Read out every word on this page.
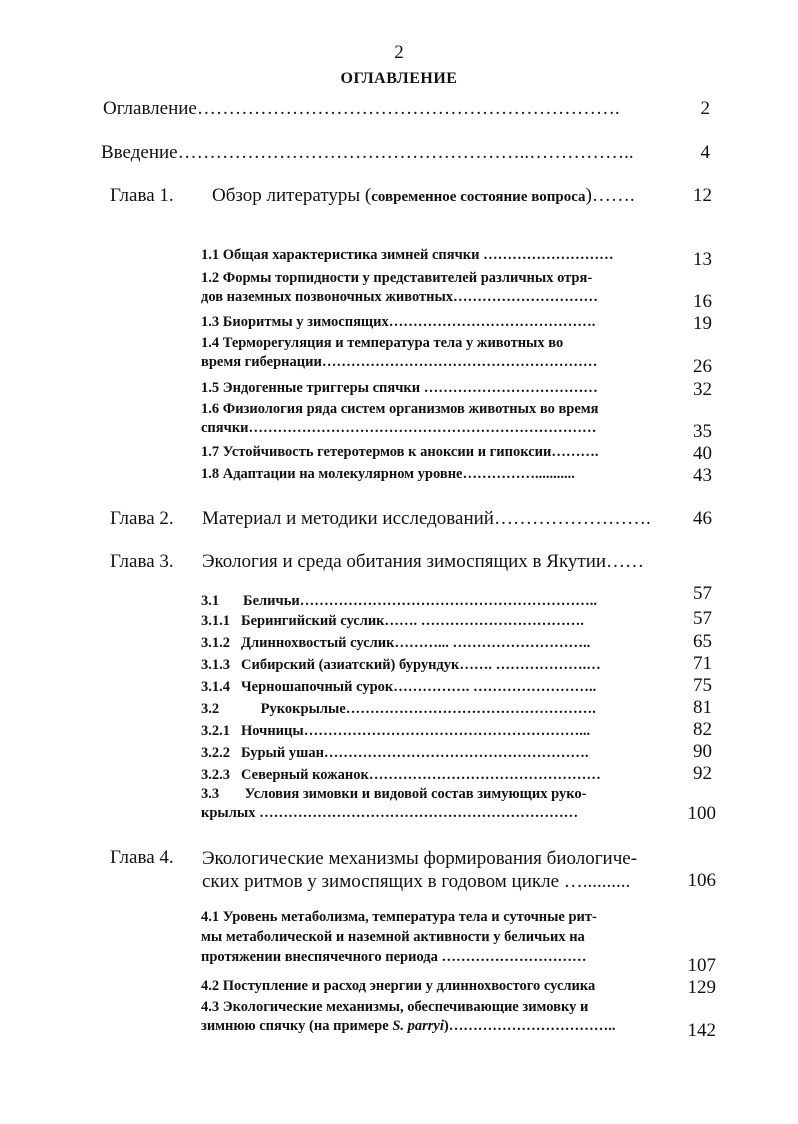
2
ОГЛАВЛЕНИЕ
Оглавление………………………………………………………….	2
Введение………………………………………………..……………..	4
Глава 1. Обзор литературы (современное состояние вопроса)…….	12
1.1 Общая характеристика зимней спячки ………………………	13
1.2 Формы торпидности у представителей различных отря-
дов наземных позвоночных животных…………………………	16
1.3 Биоритмы у зимоспящих…………………………………….	19
1.4 Терморегуляция и температура тела у животных во
время гибернации…………………………………………………	26
1.5 Эндогенные триггеры спячки ………………………………	32
1.6 Физиология ряда систем организмов животных во время
спячки………………………………………………………………	35
1.7 Устойчивость гетеротермов к аноксии и гипоксии……….	40
1.8 Адаптации на молекулярном уровне……………...........	43
Глава 2. Материал и методики исследований…………………….	46
Глава 3. Экология и среда обитания зимоспящих в Якутии……
3.1 Беличьи……………………………………………………..	57
3.1.1 Берингийский суслик……. …………………………….	57
3.1.2 Длиннохвостый суслик………... ………………………..	65
3.1.3 Сибирский (азиатский) бурундук……. ……………….…	71
3.1.4 Черношапочный сурок……………. ……………………..	75
3.2	Рукокрылые…………………………………………….	81
3.2.1 Ночницы…………………………………………………...	82
3.2.2 Бурый ушан……………………………………………….	90
3.2.3 Северный кожанок…………………………………………	92
3.3 Условия зимовки и видовой состав зимующих руко-
крылых …………………………………………………………	100
Глава 4. Экологические механизмы формирования биологиче-
ских ритмов у зимоспящих в годовом цикле …..........	106
4.1 Уровень метаболизма, температура тела и суточные рит-
мы метаболической и наземной активности у беличьих на
протяжении внеспячечного периода …………………………	107
4.2 Поступление и расход энергии у длиннохвостого суслика	129
4.3 Экологические механизмы, обеспечивающие зимовку и
зимнюю спячку (на примере S. parryi)……………………………..	142
